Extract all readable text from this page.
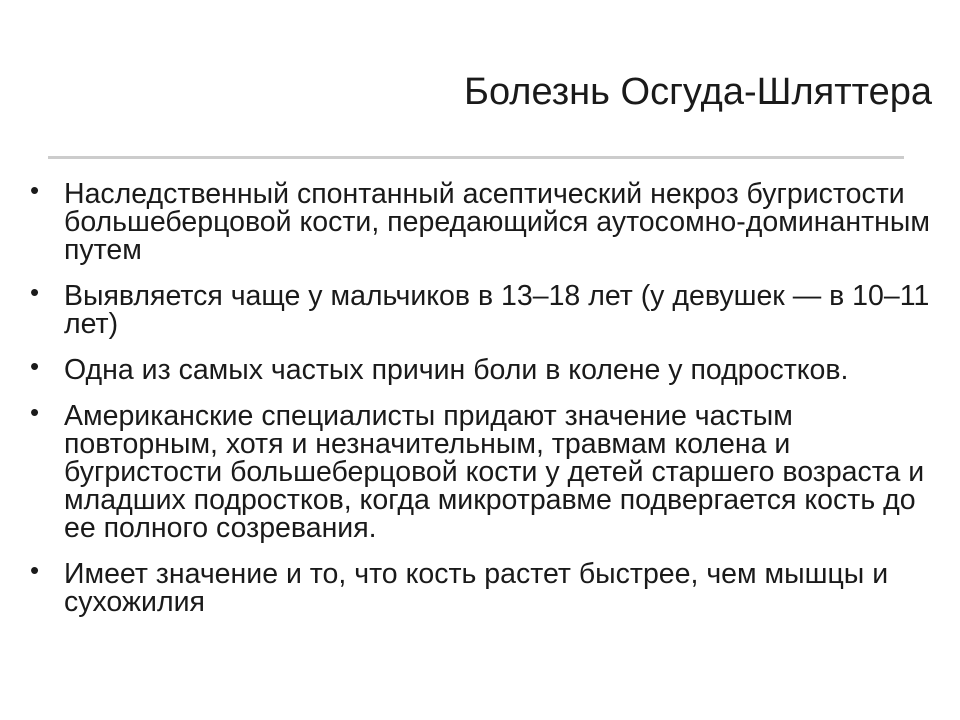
Болезнь Осгуда-Шляттера
• Наследственный спонтанный асептический некроз бугристости большеберцовой кости, передающийся аутосомно-доминантным путем
• Выявляется чаще у мальчиков в 13–18 лет (у девушек — в 10–11 лет)
• Одна из самых частых причин боли в колене у подростков.
• Американские специалисты придают значение частым повторным, хотя и незначительным, травмам колена и бугристости большеберцовой кости у детей старшего возраста и младших подростков, когда микротравме подвергается кость до ее полного созревания.
• Имеет значение и то, что кость растет быстрее, чем мышцы и сухожилия
